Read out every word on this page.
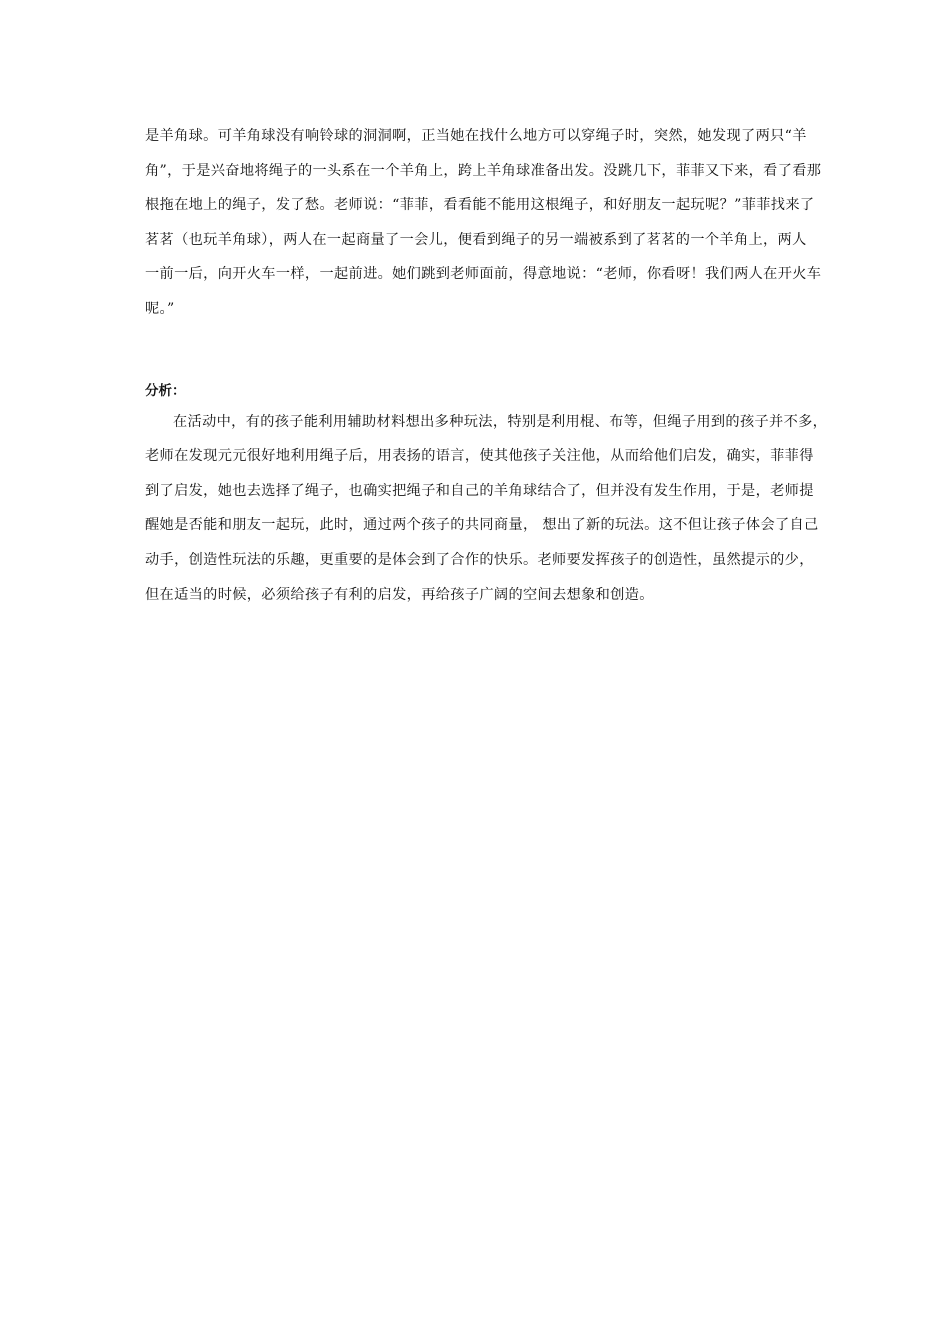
是羊角球。可羊角球没有响铃球的洞洞啊，正当她在找什么地方可以穿绳子时，突然，她发现了两只“羊
角”，于是兴奋地将绳子的一头系在一个羊角上，跨上羊角球准备出发。没跳几下，菲菲又下来，看了看那
根拖在地上的绳子，发了愁。老师说：“菲菲，看看能不能用这根绳子，和好朋友一起玩呢？”菲菲找来了
茗茗（也玩羊角球），两人在一起商量了一会儿，便看到绳子的另一端被系到了茗茗的一个羊角上，两人
一前一后，向开火车一样，一起前进。她们跳到老师面前，得意地说：“老师，你看呀！我们两人在开火车
呢。”
分析：
在活动中，有的孩子能利用辅助材料想出多种玩法，特别是利用棍、布等，但绳子用到的孩子并不多，
老师在发现元元很好地利用绳子后，用表扬的语言，使其他孩子关注他，从而给他们启发，确实，菲菲得
到了启发，她也去选择了绳子，也确实把绳子和自己的羊角球结合了，但并没有发生作用，于是，老师提
醒她是否能和朋友一起玩，此时，通过两个孩子的共同商量， 想出了新的玩法。这不但让孩子体会了自己
动手，创造性玩法的乐趣，更重要的是体会到了合作的快乐。老师要发挥孩子的创造性，虽然提示的少，
但在适当的时候，必须给孩子有利的启发，再给孩子广阔的空间去想象和创造。
